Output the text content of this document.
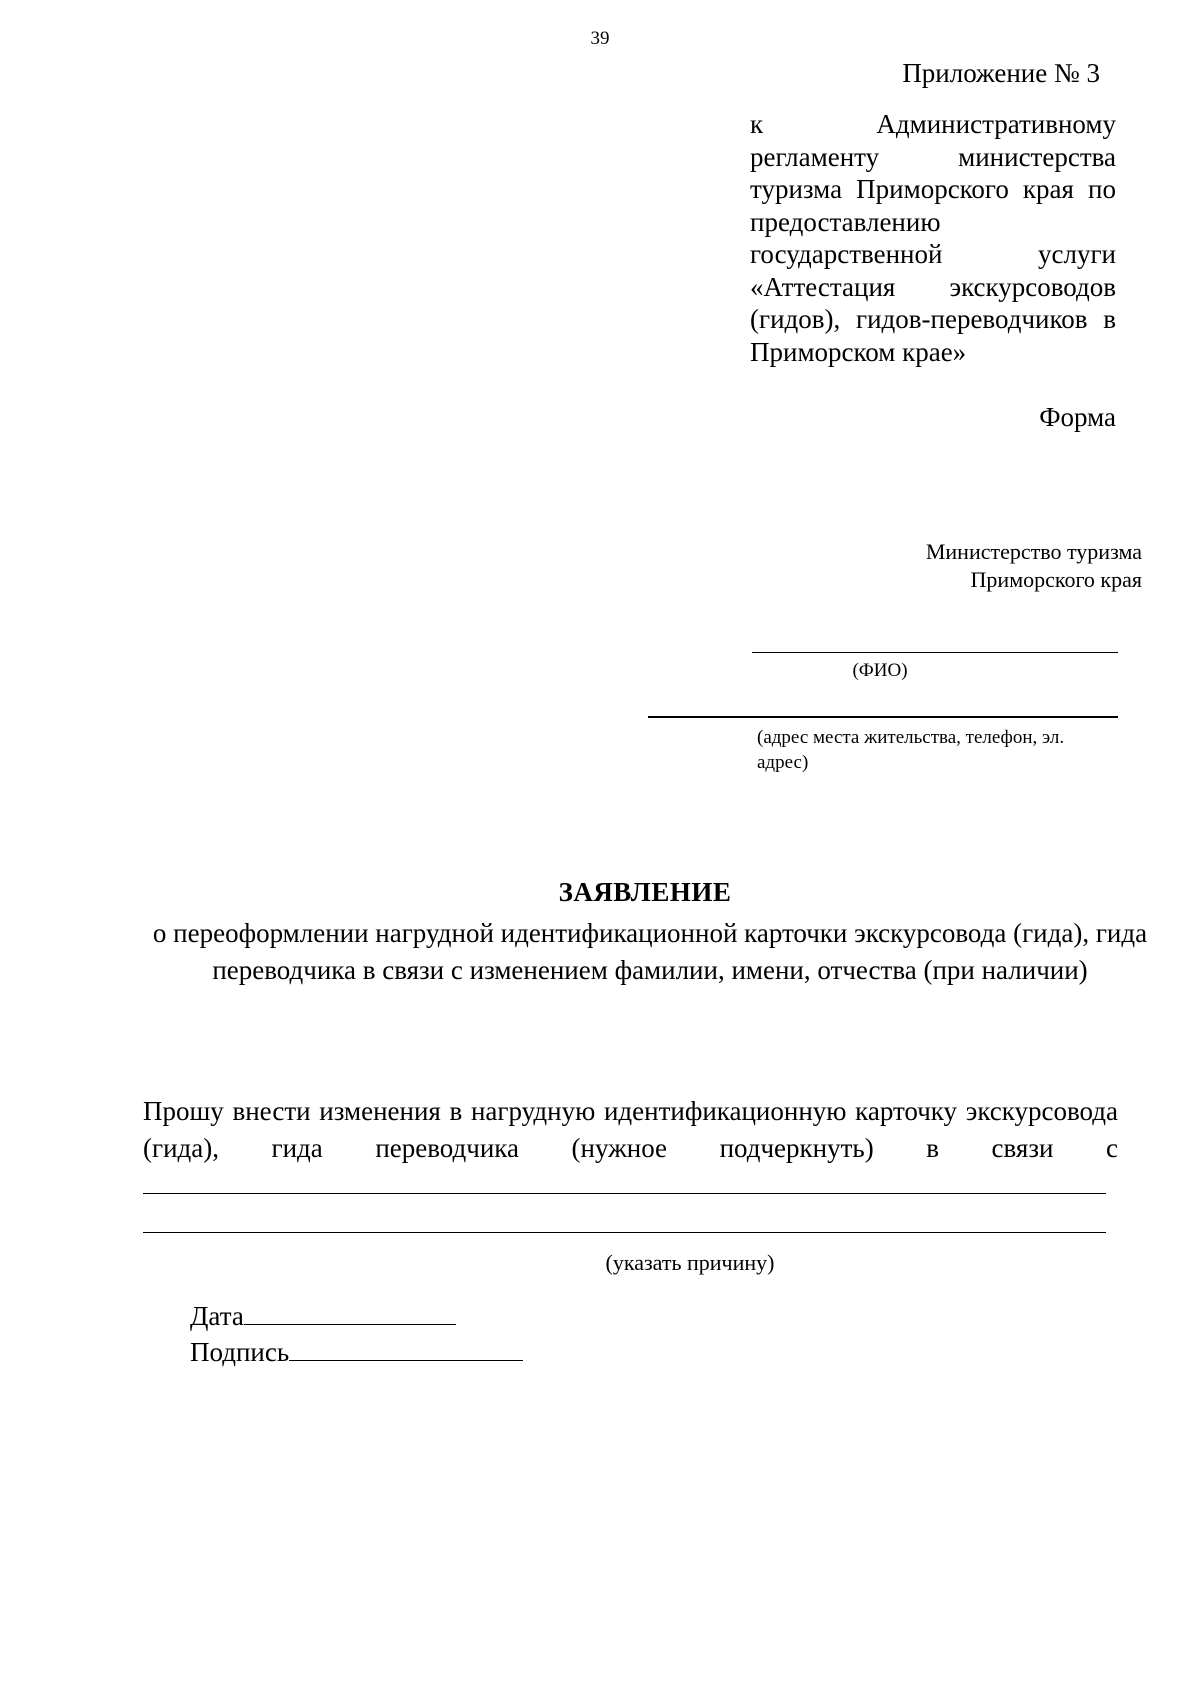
39
Приложение № 3
к Административному регламенту министерства туризма Приморского края по предоставлению государственной услуги «Аттестация экскурсоводов (гидов), гидов-переводчиков в Приморском крае»
Форма
Министерство туризма
Приморского края
(ФИО)
(адрес места жительства, телефон, эл. адрес)
ЗАЯВЛЕНИЕ
о переоформлении нагрудной идентификационной карточки экскурсовода (гида), гида переводчика в связи с изменением фамилии, имени, отчества (при наличии)
Прошу внести изменения в нагрудную идентификационную карточку экскурсовода (гида), гида переводчика (нужное подчеркнуть) в связи с
(указать причину)
Дата
Подпись
